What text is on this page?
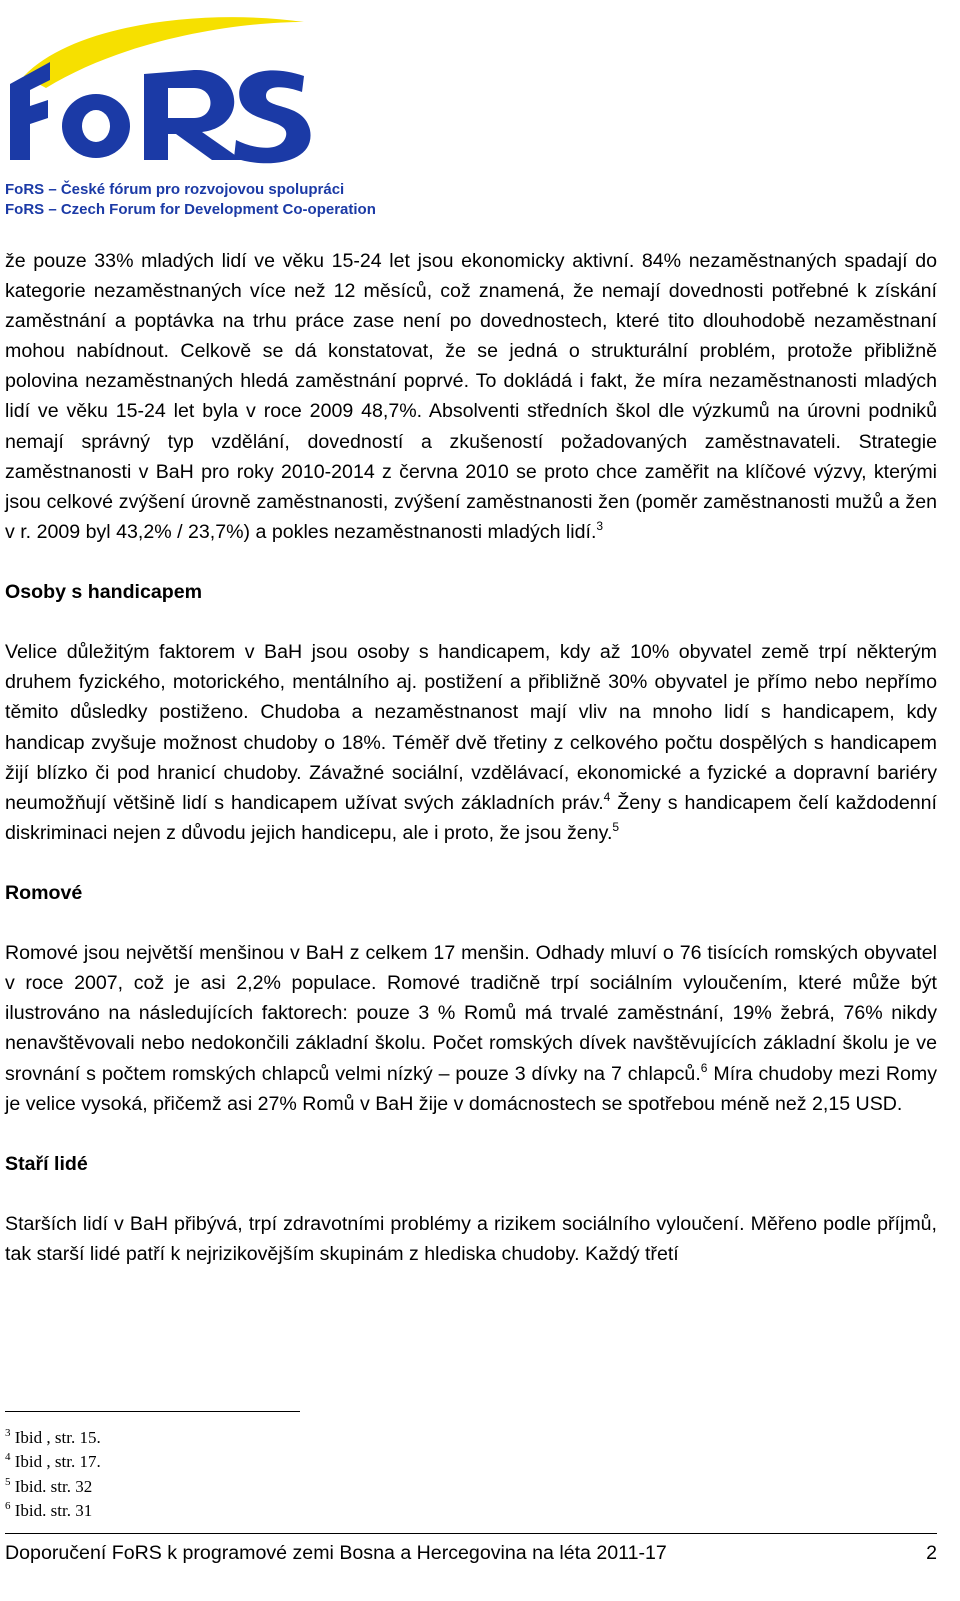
FoRS – České fórum pro rozvojovou spolupráci
FoRS – Czech Forum for Development Co-operation

že pouze 33% mladých lidí ve věku 15-24 let jsou ekonomicky aktivní. 84% nezaměstnaných spadají do kategorie nezaměstnaných více než 12 měsíců, což znamená, že nemají dovednosti potřebné k získání zaměstnání a poptávka na trhu práce zase není po dovednostech, které tito dlouhodobě nezaměstnaní mohou nabídnout. Celkově se dá konstatovat, že se jedná o strukturální problém, protože přibližně polovina nezaměstnaných hledá zaměstnání poprvé. To dokládá i fakt, že míra nezaměstnanosti mladých lidí ve věku 15-24 let byla v roce 2009 48,7%. Absolventi středních škol dle výzkumů na úrovni podniků nemají správný typ vzdělání, dovedností a zkušeností požadovaných zaměstnavateli. Strategie zaměstnanosti v BaH pro roky 2010-2014 z června 2010 se proto chce zaměřit na klíčové výzvy, kterými jsou celkové zvýšení úrovně zaměstnanosti, zvýšení zaměstnanosti žen (poměr zaměstnanosti mužů a žen v r. 2009 byl 43,2% / 23,7%) a pokles nezaměstnanosti mladých lidí.$^3$

Osoby s handicapem

Velice důležitým faktorem v BaH jsou osoby s handicapem, kdy až 10% obyvatel země trpí některým druhem fyzického, motorického, mentálního aj. postižení a přibližně 30% obyvatel je přímo nebo nepřímo těmito důsledky postiženo. Chudoba a nezaměstnanost mají vliv na mnoho lidí s handicapem, kdy handicap zvyšuje možnost chudoby o 18%. Téměř dvě třetiny z celkového počtu dospělých s handicapem žijí blízko či pod hranicí chudoby. Závažné sociální, vzdělávací, ekonomické a fyzické a dopravní bariéry neumožňují většině lidí s handicapem užívat svých základních práv.$^4$ Ženy s handicapem čelí každodenní diskriminaci nejen z důvodu jejich handicepu, ale i proto, že jsou ženy.$^5$

Romové

Romové jsou největší menšinou v BaH z celkem 17 menšin. Odhady mluví o 76 tisících romských obyvatel v roce 2007, což je asi 2,2% populace. Romové tradičně trpí sociálním vyloučením, které může být ilustrováno na následujících faktorech: pouze 3 % Romů má trvalé zaměstnání, 19% žebrá, 76% nikdy nenavštěvovali nebo nedokončili základní školu. Počet romských dívek navštěvujících základní školu je ve srovnání s počtem romských chlapců velmi nízký – pouze 3 dívky na 7 chlapců.$^6$ Míra chudoby mezi Romy je velice vysoká, přičemž asi 27% Romů v BaH žije v domácnostech se spotřebou méně než 2,15 USD.

Staří lidé

Starších lidí v BaH přibývá, trpí zdravotními problémy a rizikem sociálního vyloučení. Měřeno podle příjmů, tak starší lidé patří k nejrizikovějším skupinám z hlediska chudoby. Každý třetí

$^3$ Ibid , str. 15.
$^4$ Ibid , str. 17.
$^5$ Ibid. str. 32
$^6$ Ibid. str. 31
Doporučení FoRS k programové zemi Bosna a Hercegovina na léta 2011-17	2
